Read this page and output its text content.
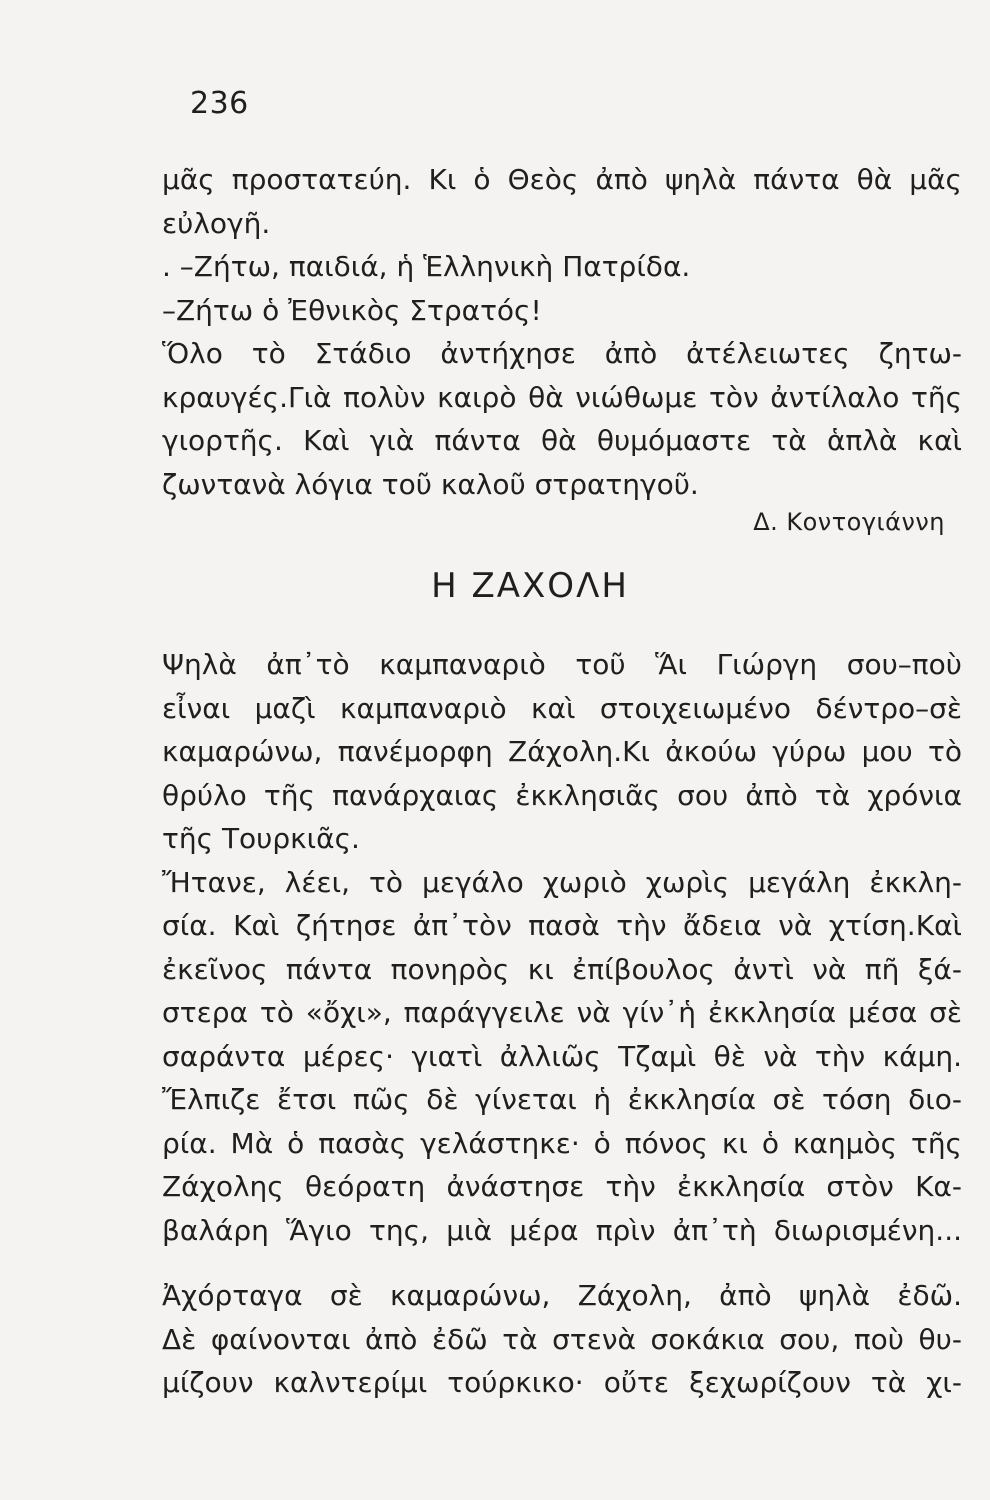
236
μᾶς προστατεύη. Κι ὁ Θεὸς ἀπὸ ψηλὰ πάντα θὰ μᾶς
εὐλογῆ.
. –Ζήτω, παιδιά, ἡ Ἑλληνικὴ Πατρίδα.
–Ζήτω ὁ Ἐθνικὸς Στρατός!
Ὅλο τὸ Στάδιο ἀντήχησε ἀπὸ ἀτέλειωτες ζητω-
κραυγές.Γιὰ πολὺν καιρὸ θὰ νιώθωμε τὸν ἀντίλαλο τῆς
γιορτῆς. Καὶ γιὰ πάντα θὰ θυμόμαστε τὰ ἁπλὰ καὶ
ζωντανὰ λόγια τοῦ καλοῦ στρατηγοῦ.
Δ. Κοντογιάννη
Η ΖΑΧΟΛΗ
Ψηλὰ ἀπ᾽τὸ καμπαναριὸ τοῦ Ἅι Γιώργη σου–ποὺ
εἶναι μαζὶ καμπαναριὸ καὶ στοιχειωμένο δέντρο–σὲ
καμαρώνω, πανέμορφη Ζάχολη.Κι ἀκούω γύρω μου τὸ
θρύλο τῆς πανάρχαιας ἐκκλησιᾶς σου ἀπὸ τὰ χρόνια
τῆς Τουρκιᾶς.
Ἤτανε, λέει, τὸ μεγάλο χωριὸ χωρὶς μεγάλη ἐκκλη-
σία. Καὶ ζήτησε ἀπ᾽τὸν πασὰ τὴν ἄδεια νὰ χτίση.Καὶ
ἐκεῖνος πάντα πονηρὸς κι ἐπίβουλος ἀντὶ νὰ πῆ ξά-
στερα τὸ «ὄχι», παράγγειλε νὰ γίν᾽ἡ ἐκκλησία μέσα σὲ
σαράντα μέρες· γιατὶ ἀλλιῶς Τζαμὶ θὲ νὰ τὴν κάμη.
Ἔλπιζε ἔτσι πῶς δὲ γίνεται ἡ ἐκκλησία σὲ τόση διο-
ρία. Μὰ ὁ πασὰς γελάστηκε· ὁ πόνος κι ὁ καημὸς τῆς
Ζάχολης θεόρατη ἀνάστησε τὴν ἐκκλησία στὸν Κα-
βαλάρη Ἅγιο της, μιὰ μέρα πρὶν ἀπ᾽τὴ διωρισμένη...
Ἀχόρταγα σὲ καμαρώνω, Ζάχολη, ἀπὸ ψηλὰ ἐδῶ.
Δὲ φαίνονται ἀπὸ ἐδῶ τὰ στενὰ σοκάκια σου, ποὺ θυ-
μίζουν καλντερίμι τούρκικο· οὔτε ξεχωρίζουν τὰ χι-
